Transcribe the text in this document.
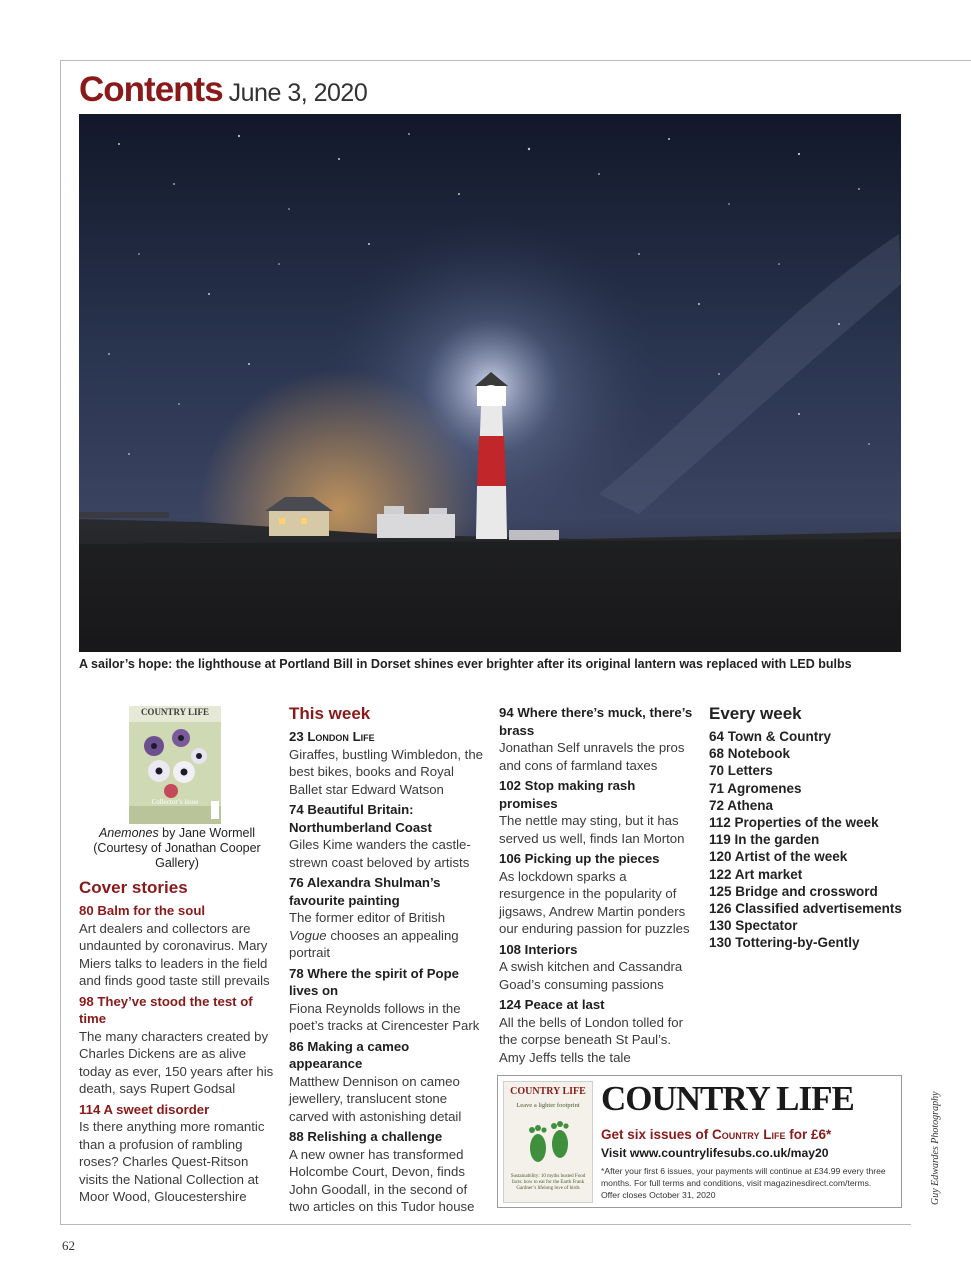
Contents June 3, 2020
A sailor’s hope: the lighthouse at Portland Bill in Dorset shines ever brighter after its original lantern was replaced with LED bulbs
COUNTRY LIFE
Collector’s issue
Anemones by Jane Wormell
(Courtesy of Jonathan Cooper Gallery)
Cover stories
80 Balm for the soul
Art dealers and collectors are undaunted by coronavirus. Mary Miers talks to leaders in the field and finds good taste still prevails
98 They’ve stood the test of time
The many characters created by Charles Dickens are as alive today as ever, 150 years after his death, says Rupert Godsal
114 A sweet disorder
Is there anything more romantic than a profusion of rambling roses? Charles Quest-Ritson visits the National Collection at Moor Wood, Gloucestershire
This week
23 London Life
Giraffes, bustling Wimbledon, the best bikes, books and Royal Ballet star Edward Watson
74 Beautiful Britain: Northumberland Coast
Giles Kime wanders the castle-strewn coast beloved by artists
76 Alexandra Shulman’s favourite painting
The former editor of British Vogue chooses an appealing portrait
78 Where the spirit of Pope lives on
Fiona Reynolds follows in the poet’s tracks at Cirencester Park
86 Making a cameo appearance
Matthew Dennison on cameo jewellery, translucent stone carved with astonishing detail
88 Relishing a challenge
A new owner has transformed Holcombe Court, Devon, finds John Goodall, in the second of two articles on this Tudor house
94 Where there’s muck, there’s brass
Jonathan Self unravels the pros and cons of farmland taxes
102 Stop making rash promises
The nettle may sting, but it has served us well, finds Ian Morton
106 Picking up the pieces
As lockdown sparks a resurgence in the popularity of jigsaws, Andrew Martin ponders our enduring passion for puzzles
108 Interiors
A swish kitchen and Cassandra Goad’s consuming passions
124 Peace at last
All the bells of London tolled for the corpse beneath St Paul’s. Amy Jeffs tells the tale
Every week
64 Town & Country
68 Notebook
70 Letters
71 Agromenes
72 Athena
112 Properties of the week
119 In the garden
120 Artist of the week
122 Art market
125 Bridge and crossword
126 Classified advertisements
130 Spectator
130 Tottering-by-Gently
COUNTRY LIFE
Leave a lighter footprint
Sustainability: 10 myths busted Food facts: how to eat for the Earth Frank Gardner’s lifelong love of birds
COUNTRY LIFE
Get six issues of Country Life for £6*
Visit www.countrylifesubs.co.uk/may20
*After your first 6 issues, your payments will continue at £34.99 every three months. For full terms and conditions, visit magazinesdirect.com/terms. Offer closes October 31, 2020	Guy Edwardes Photography
62
